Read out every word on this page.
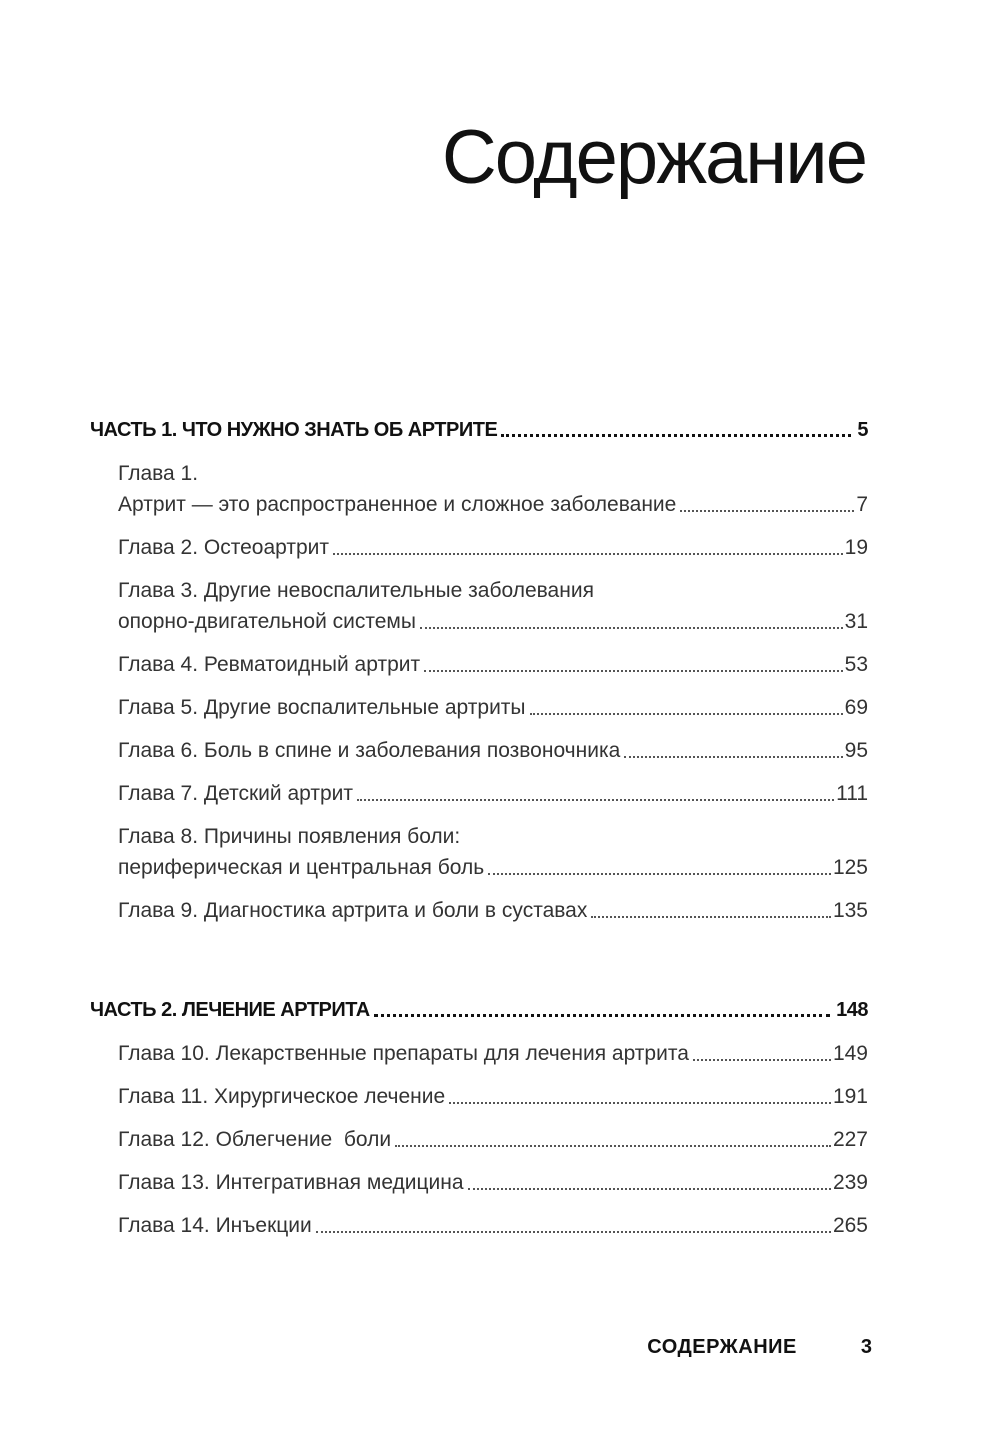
Содержание
ЧАСТЬ 1. ЧТО НУЖНО ЗНАТЬ ОБ АРТРИТЕ	5
Глава 1.
Артрит — это распространенное и сложное заболевание	7
Глава 2. Остеоартрит	19
Глава 3. Другие невоспалительные заболевания
опорно-двигательной системы	31
Глава 4. Ревматоидный артрит	53
Глава 5. Другие воспалительные артриты	69
Глава 6. Боль в спине и заболевания позвоночника	95
Глава 7. Детский артрит	111
Глава 8. Причины появления боли:
периферическая и центральная боль	125
Глава 9. Диагностика артрита и боли в суставах	135
ЧАСТЬ 2. ЛЕЧЕНИЕ АРТРИТА	148
Глава 10. Лекарственные препараты для лечения артрита	149
Глава 11. Хирургическое лечение	191
Глава 12. Облегчение  боли	227
Глава 13. Интегративная медицина	239
Глава 14. Инъекции	265
СОДЕРЖАНИЕ	3
